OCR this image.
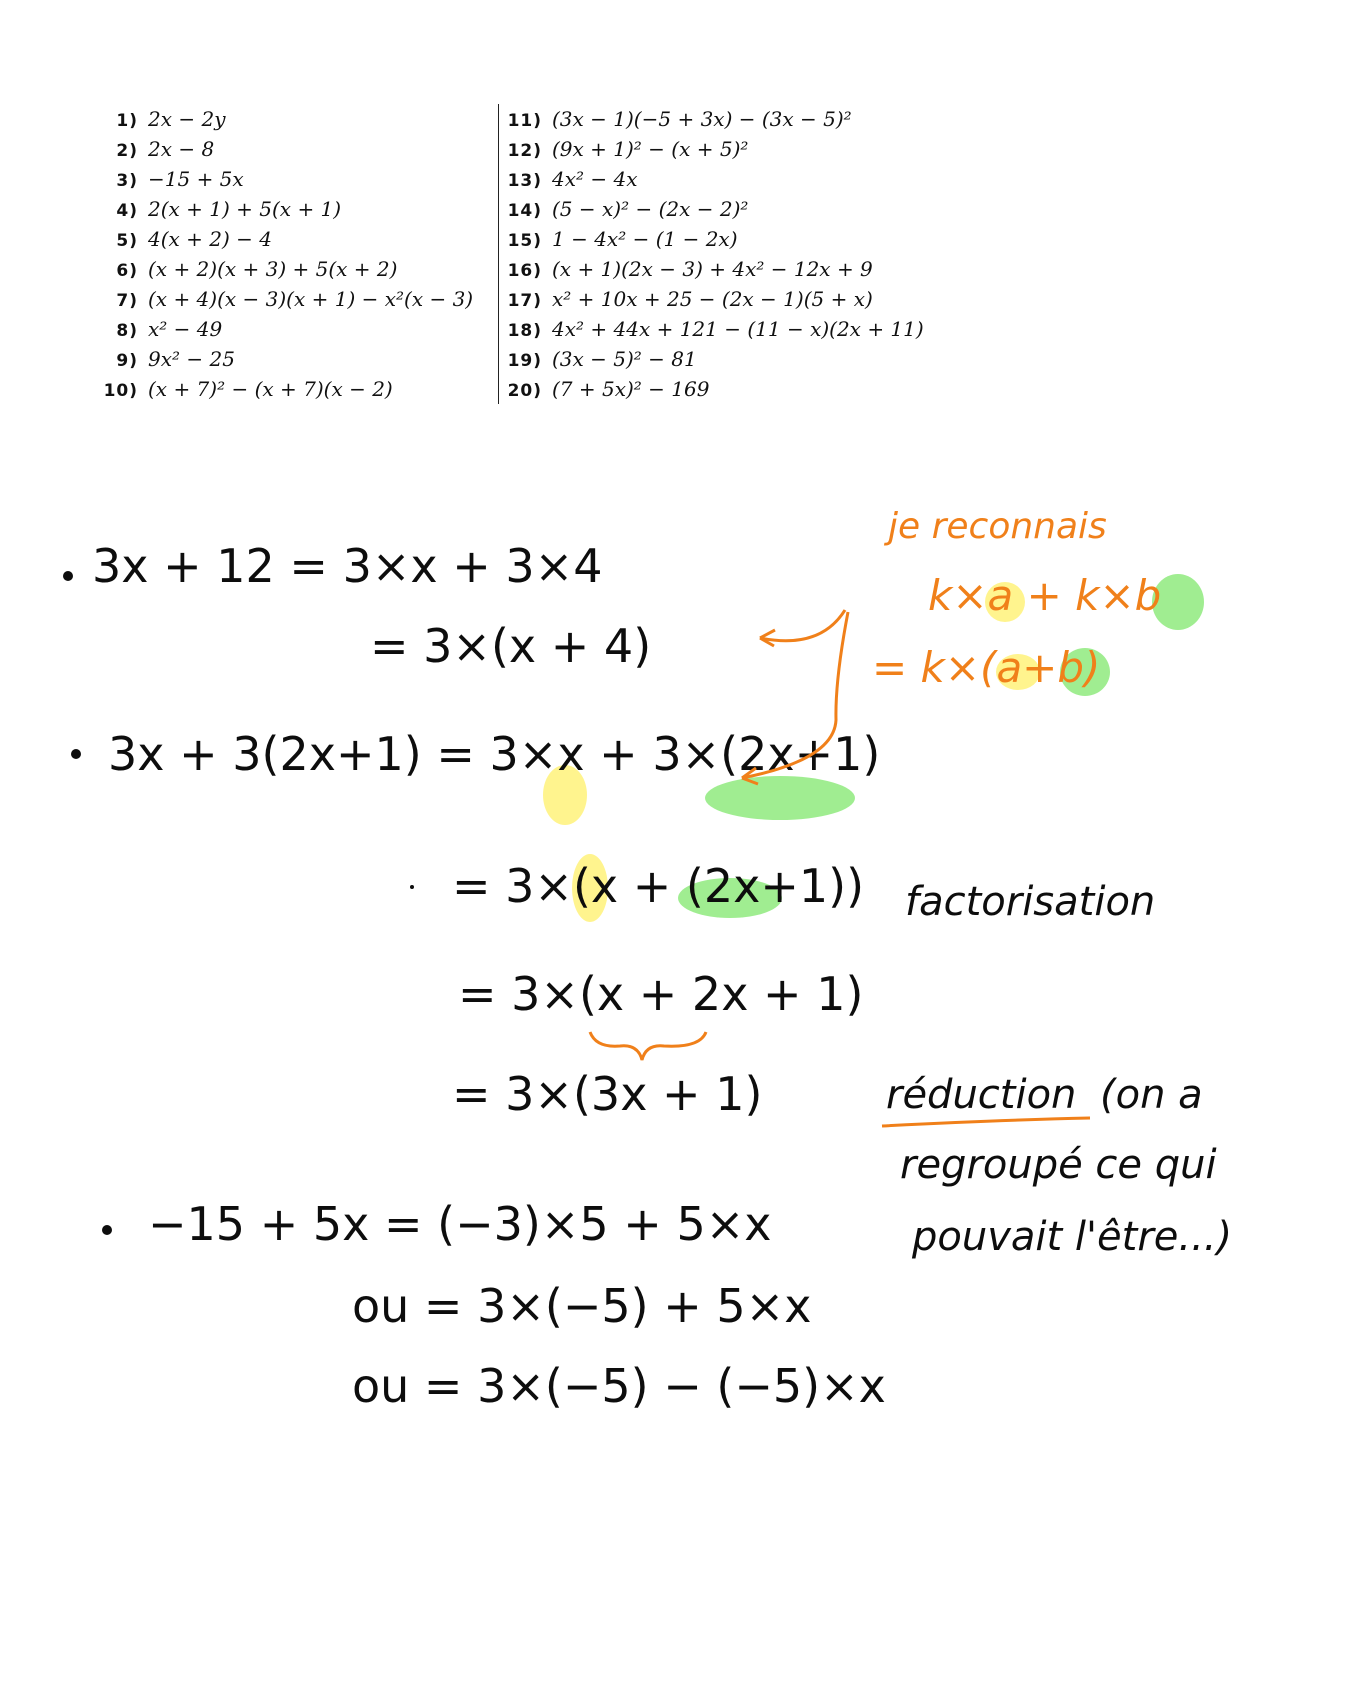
1) 2x − 2y
2) 2x − 8
3) −15 + 5x
4) 2(x + 1) + 5(x + 1)
5) 4(x + 2) − 4
6) (x + 2)(x + 3) + 5(x + 2)
7) (x + 4)(x − 3)(x + 1) − x²(x − 3)
8) x² − 49
9) 9x² − 25
10) (x + 7)² − (x + 7)(x − 2)
11) (3x − 1)(−5 + 3x) − (3x − 5)²
12) (9x + 1)² − (x + 5)²
13) 4x² − 4x
14) (5 − x)² − (2x − 2)²
15) 1 − 4x² − (1 − 2x)
16) (x + 1)(2x − 3) + 4x² − 12x + 9
17) x² + 10x + 25 − (2x − 1)(5 + x)
18) 4x² + 44x + 121 − (11 − x)(2x + 11)
19) (3x − 5)² − 81
20) (7 + 5x)² − 169
3x + 12 = 3×x + 3×4
= 3×(x + 4)
3x + 3(2x+1) = 3×x + 3×(2x+1)
= 3×(x + (2x+1))
= 3×(x + 2x + 1)
= 3×(3x + 1)
−15 + 5x = (−3)×5 + 5×x
ou = 3×(−5) + 5×x
ou = 3×(−5) − (−5)×x
je reconnais
k×a + k×b
= k×(a+b)
factorisation
réduction (on a
regroupé ce qui
pouvait l'être...)
